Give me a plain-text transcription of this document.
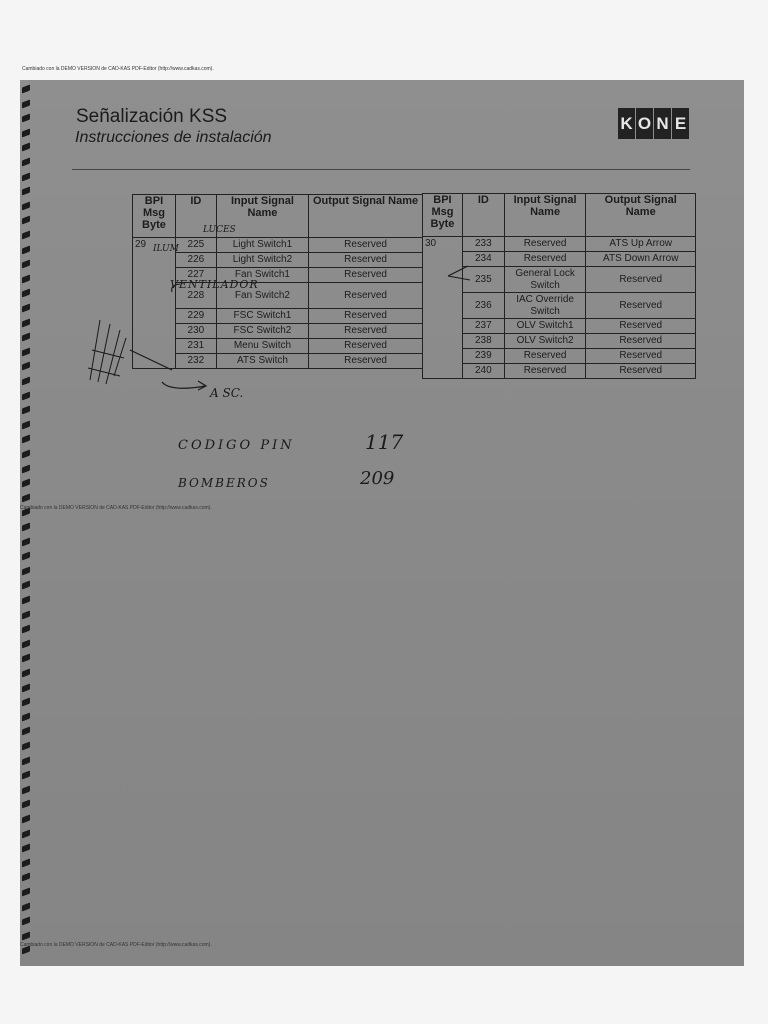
Cambiado con la DEMO VERSION de CAD-KAS PDF-Editor (http://www.cadkas.com).
Señalización KSS
Instrucciones de instalación
K O N E
BPI Msg Byte	ID	Input Signal Name	Output Signal Name
29	225	Light Switch1	Reserved
	226	Light Switch2	Reserved
	227	Fan Switch1	Reserved
	228	Fan Switch2	Reserved
	229	FSC Switch1	Reserved
	230	FSC Switch2	Reserved
	231	Menu Switch	Reserved
	232	ATS Switch	Reserved
BPI Msg Byte	ID	Input Signal Name	Output Signal Name
30	233	Reserved	ATS Up Arrow
	234	Reserved	ATS Down Arrow
	235	General Lock Switch	Reserved
	236	IAC Override Switch	Reserved
	237	OLV Switch1	Reserved
	238	OLV Switch2	Reserved
	239	Reserved	Reserved
	240	Reserved	Reserved
LUCES
ILUM
VENTILADOR
A SC.
CODIGO PIN	117
BOMBEROS	209
Cambiado con la DEMO VERSION de CAD-KAS PDF-Editor (http://www.cadkas.com).
Cambiado con la DEMO VERSION de CAD-KAS PDF-Editor (http://www.cadkas.com).
